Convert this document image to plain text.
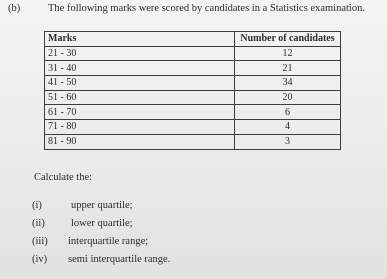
(b)	The following marks were scored by candidates in a Statistics examination.
Marks	Number of candidates
21 - 30	12
31 - 40	21
41 - 50	34
51 - 60	20
61 - 70	6
71 - 80	4
81 - 90	3
Calculate the:
(i)	upper quartile;
(ii)	lower quartile;
(iii)	interquartile range;
(iv)	semi interquartile range.
